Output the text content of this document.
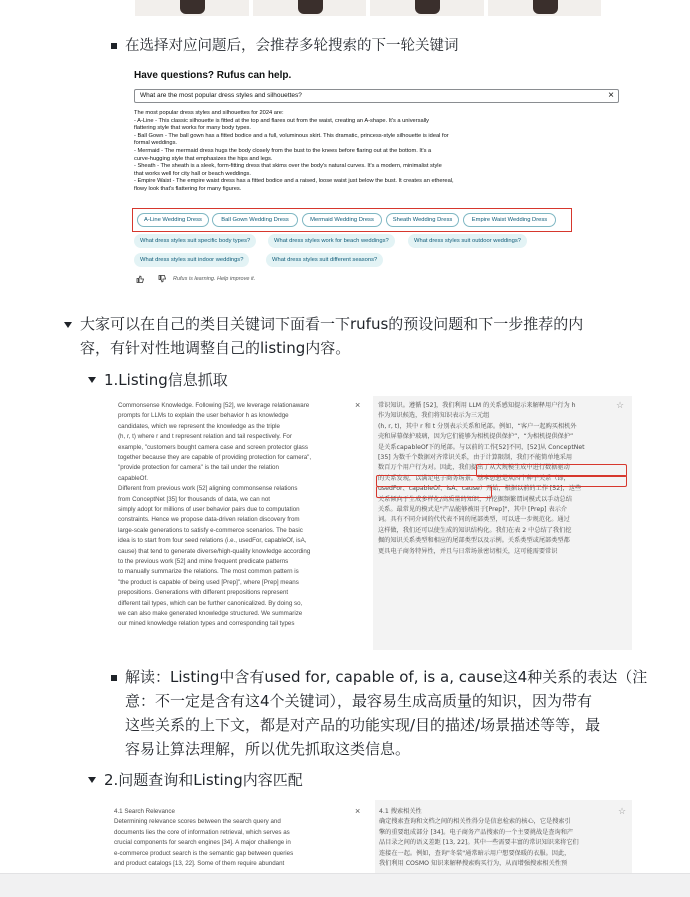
在选择对应问题后，会推荐多轮搜索的下一轮关键词
Have questions? Rufus can help.
What are the most popular dress styles and silhouettes?	×
The most popular dress styles and silhouettes for 2024 are:
- A-Line - This classic silhouette is fitted at the top and flares out from the waist, creating an A-shape. It's a universally
flattering style that works for many body types.
- Ball Gown - The ball gown has a fitted bodice and a full, voluminous skirt. This dramatic, princess-style silhouette is ideal for
formal weddings.
- Mermaid - The mermaid dress hugs the body closely from the bust to the knees before flaring out at the bottom. It's a
curve-hugging style that emphasizes the hips and legs.
- Sheath - The sheath is a sleek, form-fitting dress that skims over the body's natural curves. It's a modern, minimalist style
that works well for city hall or beach weddings.
- Empire Waist - The empire waist dress has a fitted bodice and a raised, loose waist just below the bust. It creates an ethereal,
flowy look that's flattering for many figures.
A-Line Wedding Dress	Ball Gown Wedding Dress	Mermaid Wedding Dress	Sheath Wedding Dress	Empire Waist Wedding Dress
What dress styles suit specific body types?	What dress styles work for beach weddings?	What dress styles suit outdoor weddings?
What dress styles suit indoor weddings?	What dress styles suit different seasons?
Rufus is learning. Help improve it.
大家可以在自己的类目关键词下面看一下rufus的预设问题和下一步推荐的内
容，有针对性地调整自己的listing内容。
1.Listing信息抓取
×	☆
Commonsense Knowledge. Following [52], we leverage relationaware
prompts for LLMs to explain the user behavior h as knowledge
candidates, which we represent the knowledge as the triple
(h, r, t) where r and t represent relation and tail respectively. For
example, "customers bought camera case and screen protector glass
together because they are capable of providing protection for camera",
"provide protection for camera" is the tail under the relation
capableOf.
Different from previous work [52] aligning commonsense relations
from ConceptNet [35] for thousands of data, we can not
simply adopt for millions of user behavior pairs due to computation
constraints. Hence we propose data-driven relation discovery from
large-scale generations to satisfy e-commerce scenarios. The basic
idea is to start from four seed relations (i.e., usedFor, capableOf, isA,
cause) that tend to generate diverse/high-quality knowledge according
to the previous work [52] and mine frequent predicate patterns
to manually summarize the relations. The most common pattern is
"the product is capable of being used [Prep]", where [Prep] means
prepositions. Generations with different prepositions represent
different tail types, which can be further canonicalized. By doing so,
we can also make generated knowledge structured. We summarize
our mined knowledge relation types and corresponding tail types
常识知识。遵循 [52]，我们利用 LLM 的关系感知提示来解释用户行为 h
作为知识候选，我们将知识表示为三元组
(h, r, t)，其中 r 和 t 分别表示关系和尾部。例如，“客户一起购买相机外
壳和屏幕保护玻璃，因为它们能够为相机提供保护”，“为相机提供保护”
是关系capableOf下的尾部。与以前的工作[52]不同，[52]从 ConceptNet
[35] 为数千个数据对齐常识关系，由于计算限制，我们不能简单地采用
数百万个用户行为对。因此，我们提出了从大规模生成中进行数据驱动
的关系发现，以满足电子商务场景。基本思想是从四个种子关系（即，
usedFor、capableOf、isA、cause）开始，根据以前的工作 [52]，这些
关系倾向于生成多样化/高质量的知识，并挖掘频繁谓词模式以手动总结
关系。最常见的模式是"产品能够被用于[Prep]"，其中 [Prep] 表示介
词。具有不同介词的代代表不同的尾部类型，可以进一步规范化。通过
这样做，我们还可以使生成的知识结构化。我们在表 2 中总结了我们挖
掘的知识关系类型和相应的尾部类型以及示例。关系类型或尾部类型都
更具电子商务特异性，并且与日常场景密切相关，这可能需要常识
解读：Listing中含有used for, capable of, is a, cause这4种关系的表达（注
意：不一定是含有这4个关键词），最容易生成高质量的知识，因为带有
这些关系的上下文，都是对产品的功能实现/目的描述/场景描述等等，最
容易让算法理解，所以优先抓取这类信息。
2.问题查询和Listing内容匹配
×	☆
4.1 Search Relevance
Determining relevance scores between the search query and
documents lies the core of information retrieval, which serves as
crucial components for search engines [34]. A major challenge in
e-commerce product search is the semantic gap between queries
and product catalogs [13, 22]. Some of them require abundant
4.1 搜索相关性
确定搜索查询和文档之间的相关性得分是信息检索的核心，它是搜索引
擎的重要组成部分 [34]。电子商务产品搜索的一个主要挑战是查询和产
品目录之间的语义差距 [13, 22]。其中一些需要丰富的常识知识来将它们
连接在一起。例如，查询"冬装"通常暗示用户想要保暖的衣服。因此，
我们利用 COSMO 知识来解释搜索购买行为，从而增强搜索相关性预
